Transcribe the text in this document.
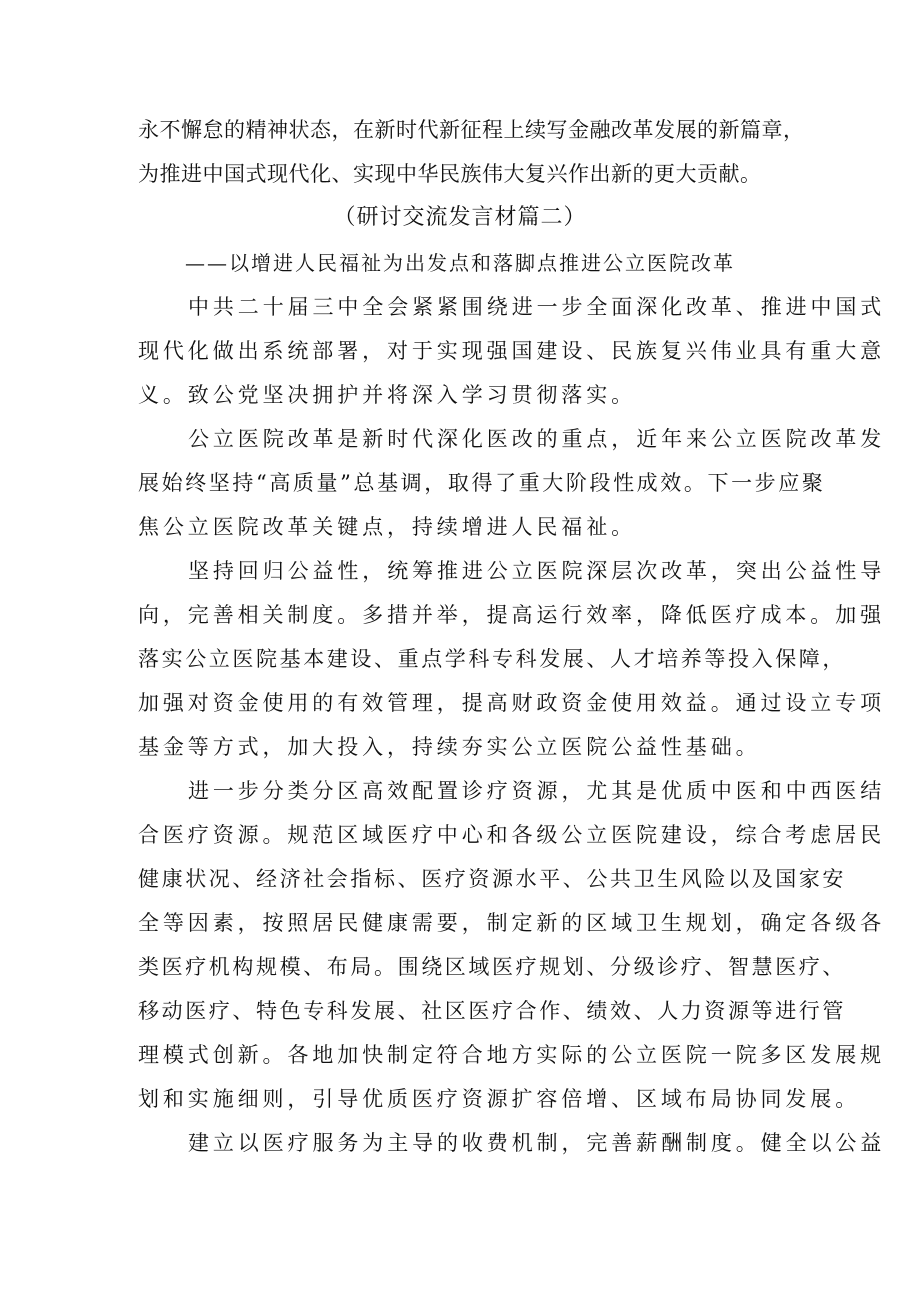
永不懈怠的精神状态，在新时代新征程上续写金融改革发展的新篇章，
为推进中国式现代化、实现中华民族伟大复兴作出新的更大贡献。
（研讨交流发言材篇二）
——以增进人民福祉为出发点和落脚点推进公立医院改革
中共二十届三中全会紧紧围绕进一步全面深化改革、推进中国式
现代化做出系统部署，对于实现强国建设、民族复兴伟业具有重大意
义。致公党坚决拥护并将深入学习贯彻落实。
公立医院改革是新时代深化医改的重点，近年来公立医院改革发
展始终坚持“高质量”总基调，取得了重大阶段性成效。下一步应聚
焦公立医院改革关键点，持续增进人民福祉。
坚持回归公益性，统筹推进公立医院深层次改革，突出公益性导
向，完善相关制度。多措并举，提高运行效率，降低医疗成本。加强
落实公立医院基本建设、重点学科专科发展、人才培养等投入保障，
加强对资金使用的有效管理，提高财政资金使用效益。通过设立专项
基金等方式，加大投入，持续夯实公立医院公益性基础。
进一步分类分区高效配置诊疗资源，尤其是优质中医和中西医结
合医疗资源。规范区域医疗中心和各级公立医院建设，综合考虑居民
健康状况、经济社会指标、医疗资源水平、公共卫生风险以及国家安
全等因素，按照居民健康需要，制定新的区域卫生规划，确定各级各
类医疗机构规模、布局。围绕区域医疗规划、分级诊疗、智慧医疗、
移动医疗、特色专科发展、社区医疗合作、绩效、人力资源等进行管
理模式创新。各地加快制定符合地方实际的公立医院一院多区发展规
划和实施细则，引导优质医疗资源扩容倍增、区域布局协同发展。
建立以医疗服务为主导的收费机制，完善薪酬制度。健全以公益
